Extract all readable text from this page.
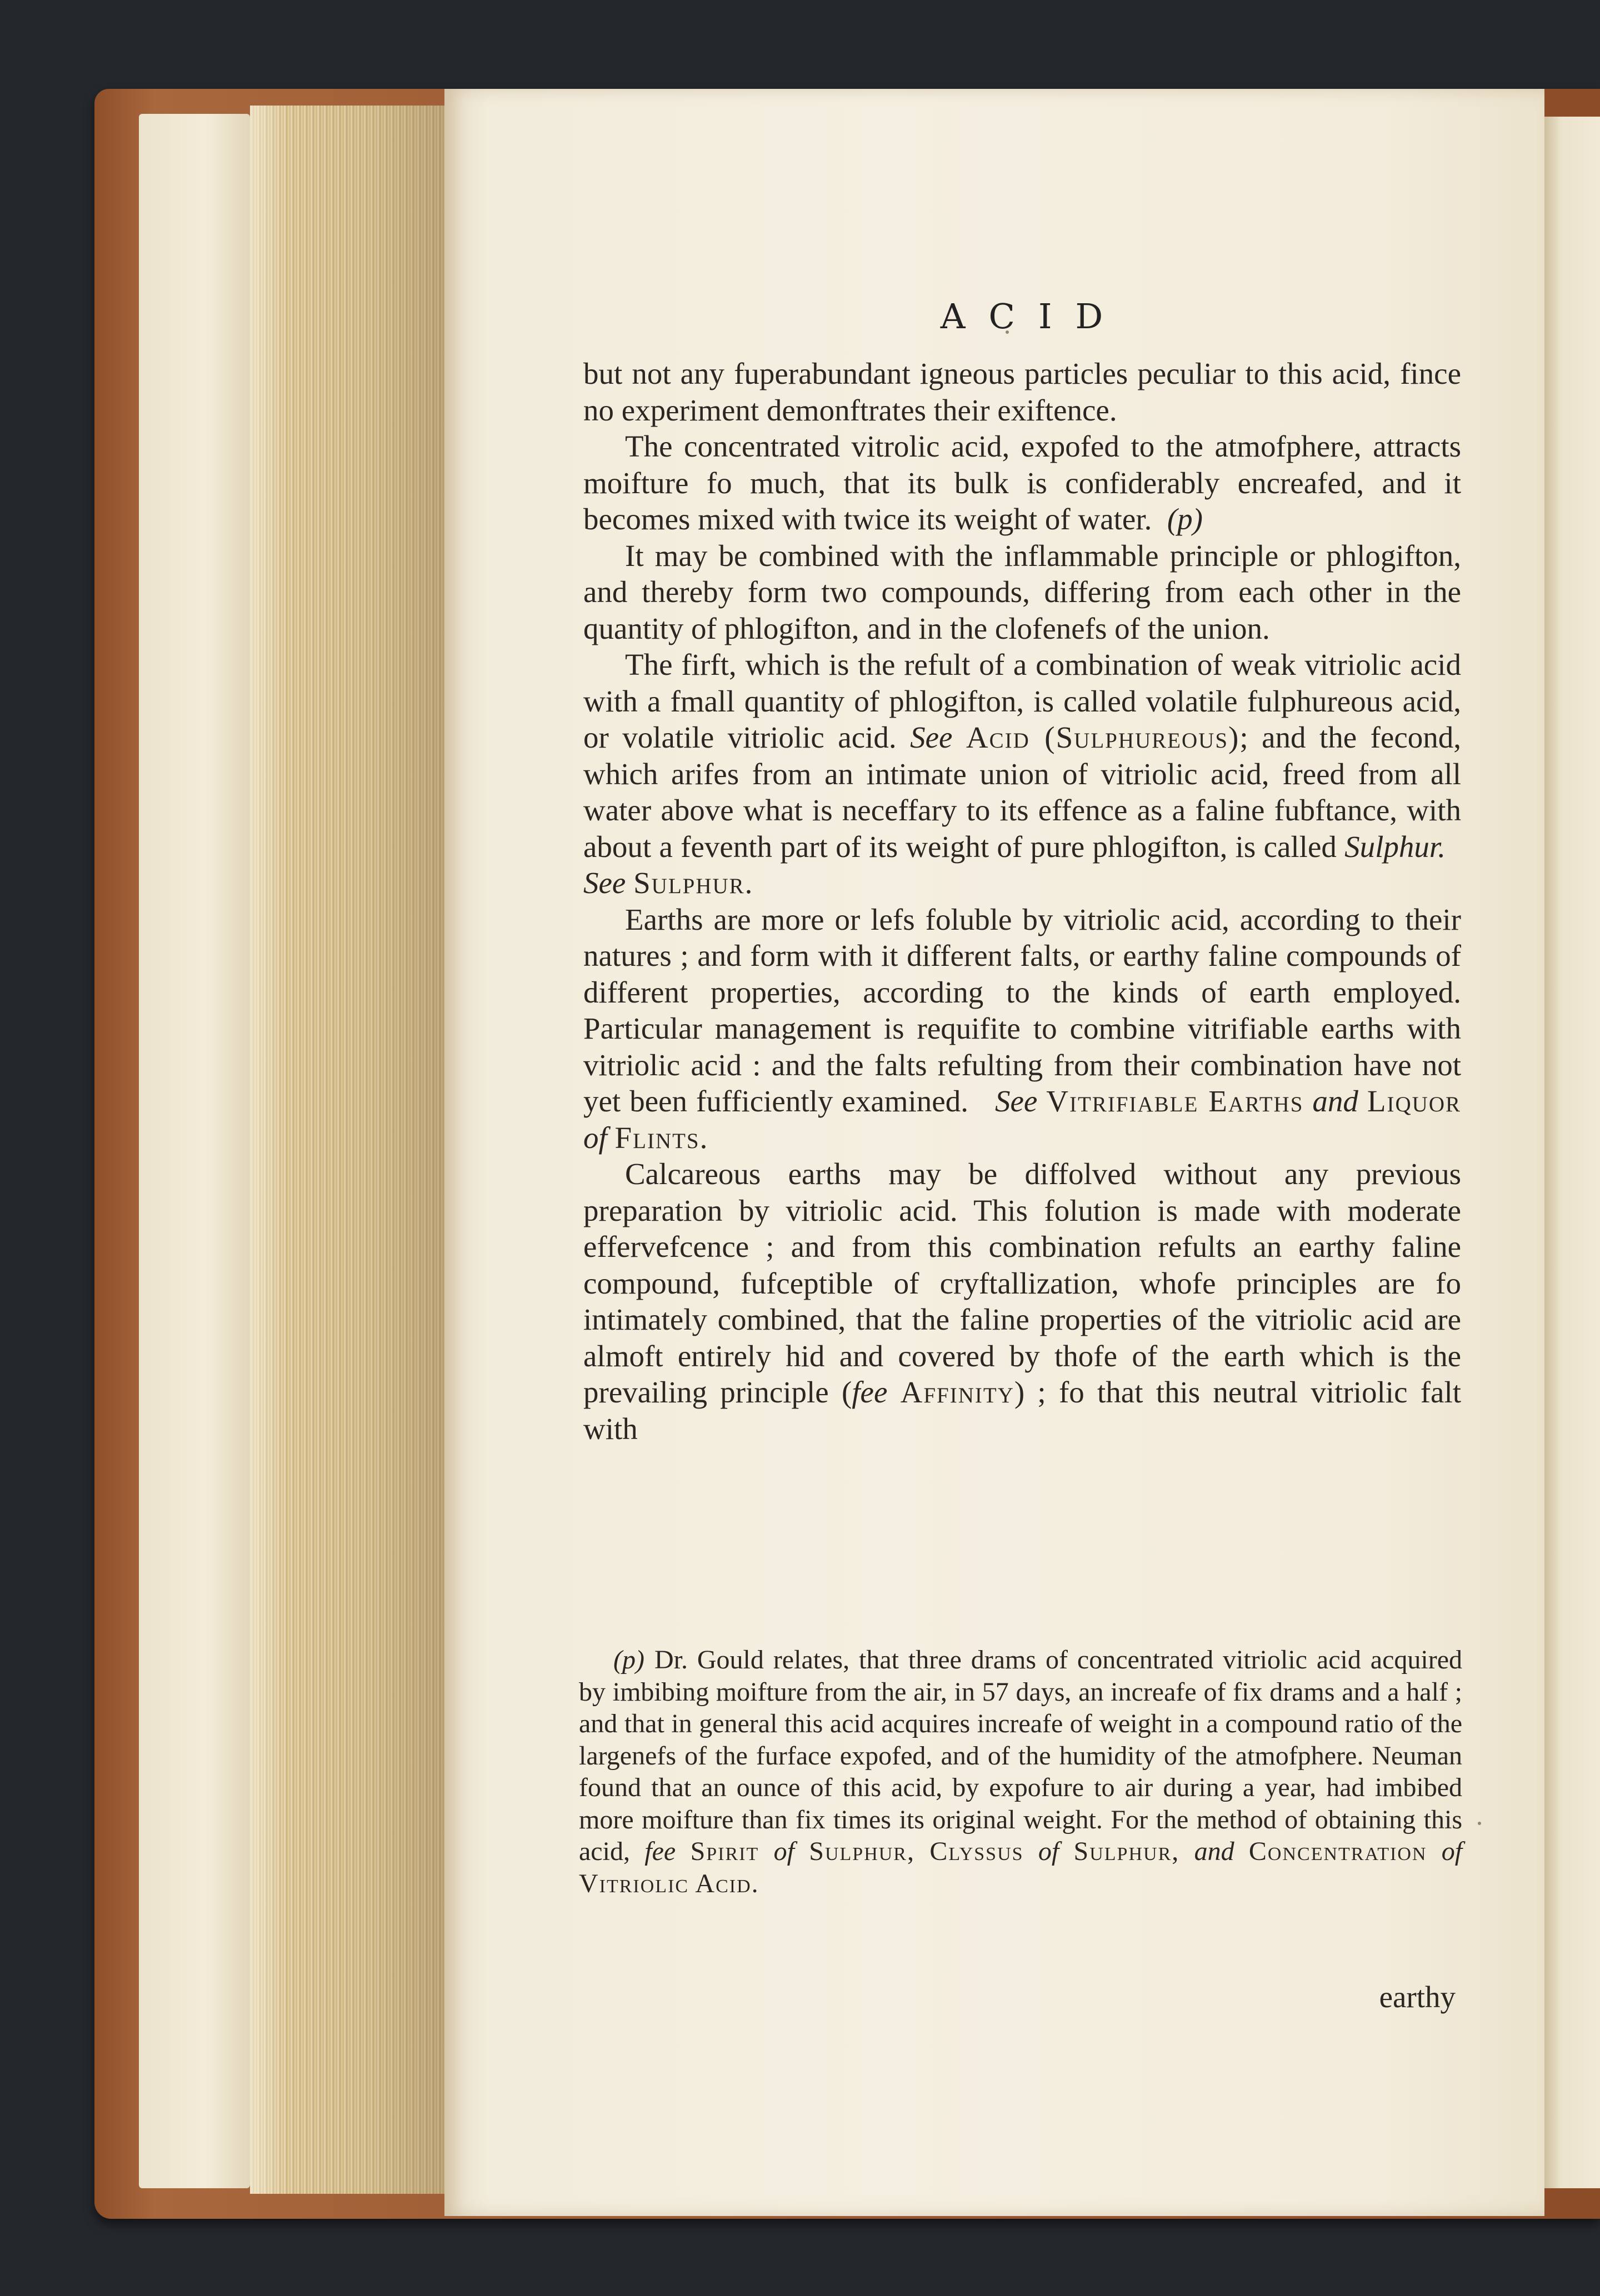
ACID

but not any fuperabundant igneous particles peculiar to this acid, fince no experiment demonftrates their exiftence.

The concentrated vitrolic acid, expofed to the atmofphere, attracts moifture fo much, that its bulk is confiderably encreafed, and it becomes mixed with twice its weight of water. (p)

It may be combined with the inflammable principle or phlogifton, and thereby form two compounds, differing from each other in the quantity of phlogifton, and in the clofenefs of the union.

The firft, which is the refult of a combination of weak vitriolic acid with a fmall quantity of phlogifton, is called volatile fulphureous acid, or volatile vitriolic acid. See Acid (Sulphureous); and the fecond, which arifes from an intimate union of vitriolic acid, freed from all water above what is neceffary to its effence as a faline fubftance, with about a feventh part of its weight of pure phlogifton, is called Sulphur.   See Sulphur.

Earths are more or lefs foluble by vitriolic acid, according to their natures ; and form with it different falts, or earthy faline compounds of different properties, according to the kinds of earth employed. Particular management is requifite to combine vitrifiable earths with vitriolic acid : and the falts refulting from their combination have not yet been fufficiently examined. See Vitrifiable Earths and Liquor of Flints.

Calcareous earths may be diffolved without any previous preparation by vitriolic acid. This folution is made with moderate effervefcence ; and from this combination refults an earthy faline compound, fufceptible of cryftallization, whofe principles are fo intimately combined, that the faline properties of the vitriolic acid are almoft entirely hid and covered by thofe of the earth which is the prevailing principle (fee Affinity) ; fo that this neutral vitriolic falt with

(p) Dr. Gould relates, that three drams of concentrated vitriolic acid acquired by imbibing moifture from the air, in 57 days, an increafe of fix drams and a half ; and that in general this acid acquires increafe of weight in a compound ratio of the largenefs of the furface expofed, and of the humidity of the atmofphere. Neuman found that an ounce of this acid, by expofure to air during a year, had imbibed more moifture than fix times its original weight. For the method of obtaining this acid, fee Spirit of Sulphur, Clyssus of Sulphur, and Concentration of Vitriolic Acid.
earthy
